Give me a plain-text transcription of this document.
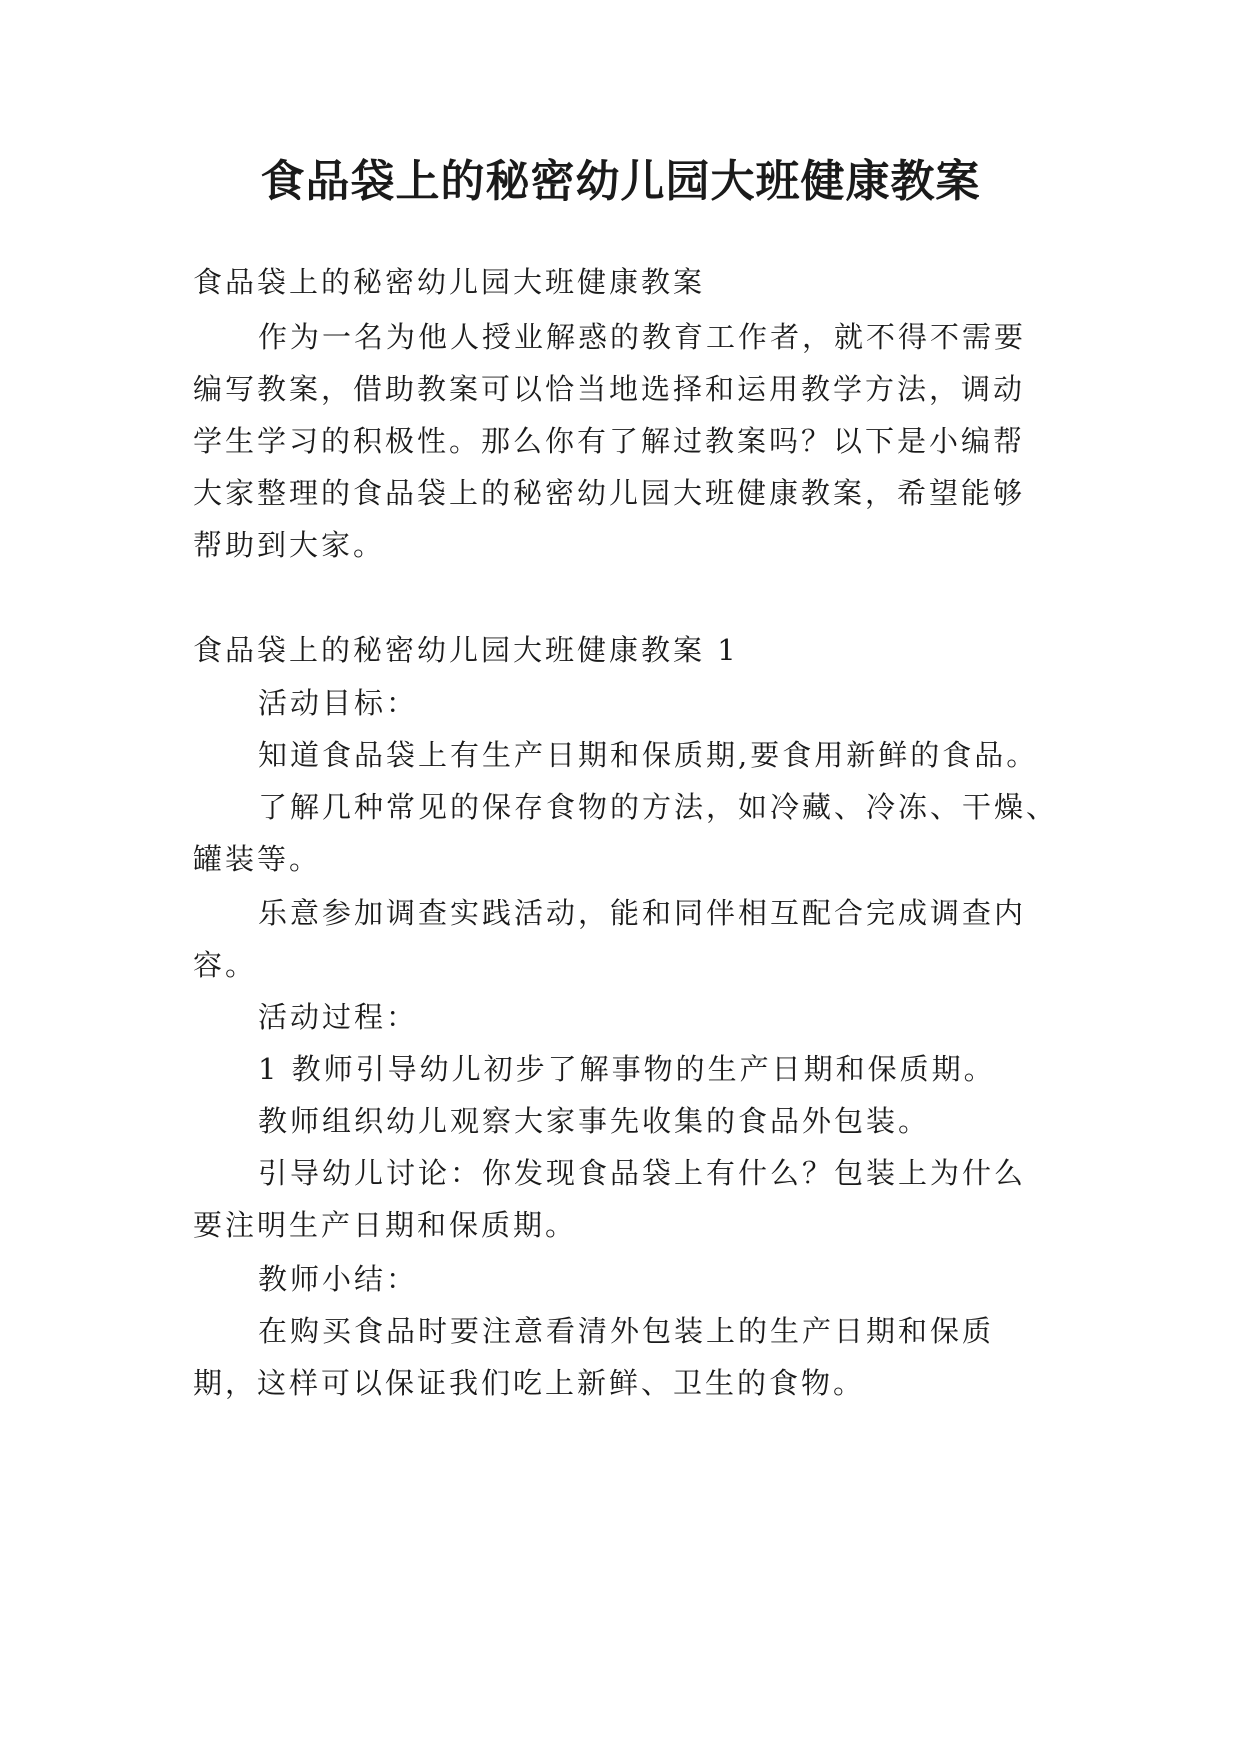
食品袋上的秘密幼儿园大班健康教案
食品袋上的秘密幼儿园大班健康教案
作为一名为他人授业解惑的教育工作者，就不得不需要
编写教案，借助教案可以恰当地选择和运用教学方法，调动
学生学习的积极性。那么你有了解过教案吗？以下是小编帮
大家整理的食品袋上的秘密幼儿园大班健康教案，希望能够
帮助到大家。
食品袋上的秘密幼儿园大班健康教案 1
活动目标：
知道食品袋上有生产日期和保质期,要食用新鲜的食品。
了解几种常见的保存食物的方法，如冷藏、冷冻、干燥、
罐装等。
乐意参加调查实践活动，能和同伴相互配合完成调查内
容。
活动过程：
1 教师引导幼儿初步了解事物的生产日期和保质期。
教师组织幼儿观察大家事先收集的食品外包装。
引导幼儿讨论：你发现食品袋上有什么？包装上为什么
要注明生产日期和保质期。
教师小结：
在购买食品时要注意看清外包装上的生产日期和保质
期，这样可以保证我们吃上新鲜、卫生的食物。
